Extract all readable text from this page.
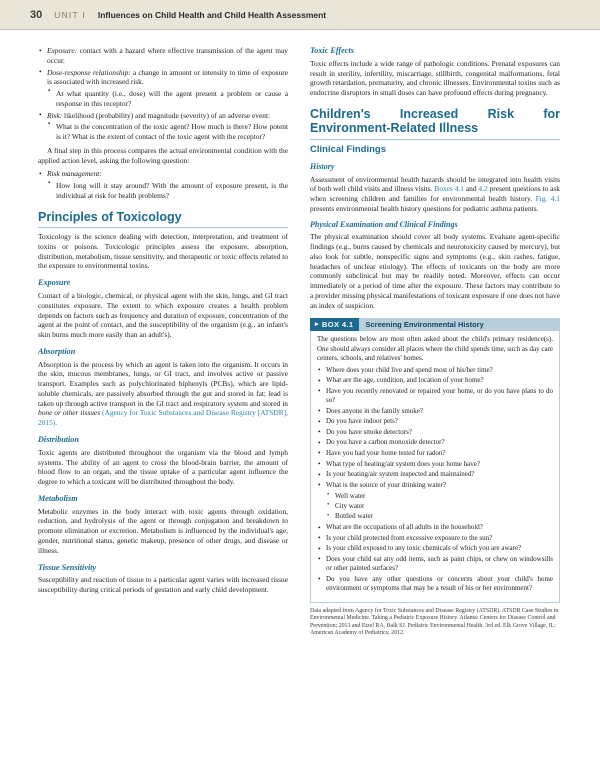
30 UNIT I Influences on Child Health and Child Health Assessment
• Exposure: contact with a hazard where effective transmission of the agent may occur.
• Dose-response relationship: a change in amount or intensity to time of exposure is associated with increased risk.
▪ At what quantity (i.e., dose) will the agent present a problem or cause a response in this receptor?
• Risk: likelihood (probability) and magnitude (severity) of an adverse event:
▪ What is the concentration of the toxic agent? How much is there? How potent is it? What is the extent of contact of the toxic agent with the receptor?

A final step in this process compares the actual environmental condition with the applied action level, asking the following question:

• Risk management:
▪ How long will it stay around? With the amount of exposure present, is the individual at risk for health problems?
Principles of Toxicology

Toxicology is the science dealing with detection, interpretation, and treatment of toxins or poisons. Toxicologic principles assess the exposure, absorption, distribution, metabolism, tissue sensitivity, and therapeutic or toxic effects related to the exposure to environmental toxins.

Exposure

Contact of a biologic, chemical, or physical agent with the skin, lungs, and GI tract constitutes exposure. The extent to which exposure creates a health problem depends on factors such as frequency and duration of exposure, concentration of the agent at the point of contact, and the susceptibility of the organism (e.g., an infant's skin burns much more easily than an adult's).

Absorption

Absorption is the process by which an agent is taken into the organism. It occurs in the skin, mucous membranes, lungs, or GI tract, and involves active or passive transport. Examples such as polychlorinated biphenyls (PCBs), which are lipid-soluble chemicals, are passively absorbed through the gut and stored in fat; lead is taken up through active transport in the GI tract and respiratory system and stored in bone or other tissues (Agency for Toxic Substances and Disease Registry [ATSDR], 2015).

Distribution

Toxic agents are distributed throughout the organism via the blood and lymph systems. The ability of an agent to cross the blood-brain barrier, the amount of blood flow to an organ, and the tissue uptake of a particular agent influence the degree to which a toxicant will be distributed throughout the body.

Metabolism

Metabolic enzymes in the body interact with toxic agents through oxidation, reduction, and hydrolysis of the agent or through conjugation and breakdown to promote elimination or excretion. Metabolism is influenced by the individual's age, gender, nutritional status, genetic makeup, presence of other drugs, and disease or illness.

Tissue Sensitivity

Susceptibility and reaction of tissue to a particular agent varies with increased tissue susceptibility during critical periods of gestation and early child development.

Toxic Effects

Toxic effects include a wide range of pathologic conditions. Prenatal exposures can result in sterility, infertility, miscarriage, stillbirth, congenital malformations, fetal growth retardation, prematurity, and chronic illnesses. Environmental toxins such as endocrine disruptors in small doses can have profound effects during pregnancy.

Children's Increased Risk for Environment-Related Illness
Clinical Findings
History

Assessment of environmental health hazards should be integrated into health visits of both well child visits and illness visits. Boxes 4.1 and 4.2 present questions to ask when screening children and families for environmental health history. Fig. 4.1 presents environmental health history questions for pediatric asthma patients.

Physical Examination and Clinical Findings

The physical examination should cover all body systems. Evaluate agent-specific findings (e.g., burns caused by chemicals and neurotoxicity caused by mercury), but also look for subtle, nonspecific signs and symptoms (e.g., skin rashes, fatigue, headaches of unclear etiology). The effects of toxicants on the body are more commonly subclinical but may be readily noted. Moreover, effects can occur immediately or a period of time after the exposure. These factors may contribute to a provider missing physical manifestations of toxicant exposure if one does not have an index of suspicion.

▸ BOX 4.1	Screening Environmental History

The questions below are most often asked about the child's primary residence(s). One should always consider all places where the child spends time, such as day care centers, schools, and relatives' homes.

• Where does your child live and spend most of his/her time?
• What are the age, condition, and location of your home?
• Have you recently renovated or repaired your home, or do you have plans to do so?
• Does anyone in the family smoke?
• Do you have indoor pets?
• Do you have smoke detectors?
• Do you have a carbon monoxide detector?
• Have you had your home tested for radon?
• What type of heating/air system does your home have?
• Is your heating/air system inspected and maintained?
• What is the source of your drinking water?
• Well water
• City water
• Bottled water
• What are the occupations of all adults in the household?
• Is your child protected from excessive exposure to the sun?
• Is your child exposed to any toxic chemicals of which you are aware?
• Does your child eat any odd items, such as paint chips, or chew on windowsills or other painted surfaces?
• Do you have any other questions or concerns about your child's home environment or symptoms that may be a result of his or her environment?
Data adapted from Agency for Toxic Substances and Disease Registry (ATSDR). ATSDR Case Studies in Environmental Medicine. Taking a Pediatric Exposure History. Atlanta: Centers for Disease Control and Prevention; 2013 and Etzel RA, Balk SJ. Pediatric Environmental Health. 3rd ed. Elk Grove Village, IL: American Academy of Pediatrics; 2012.
